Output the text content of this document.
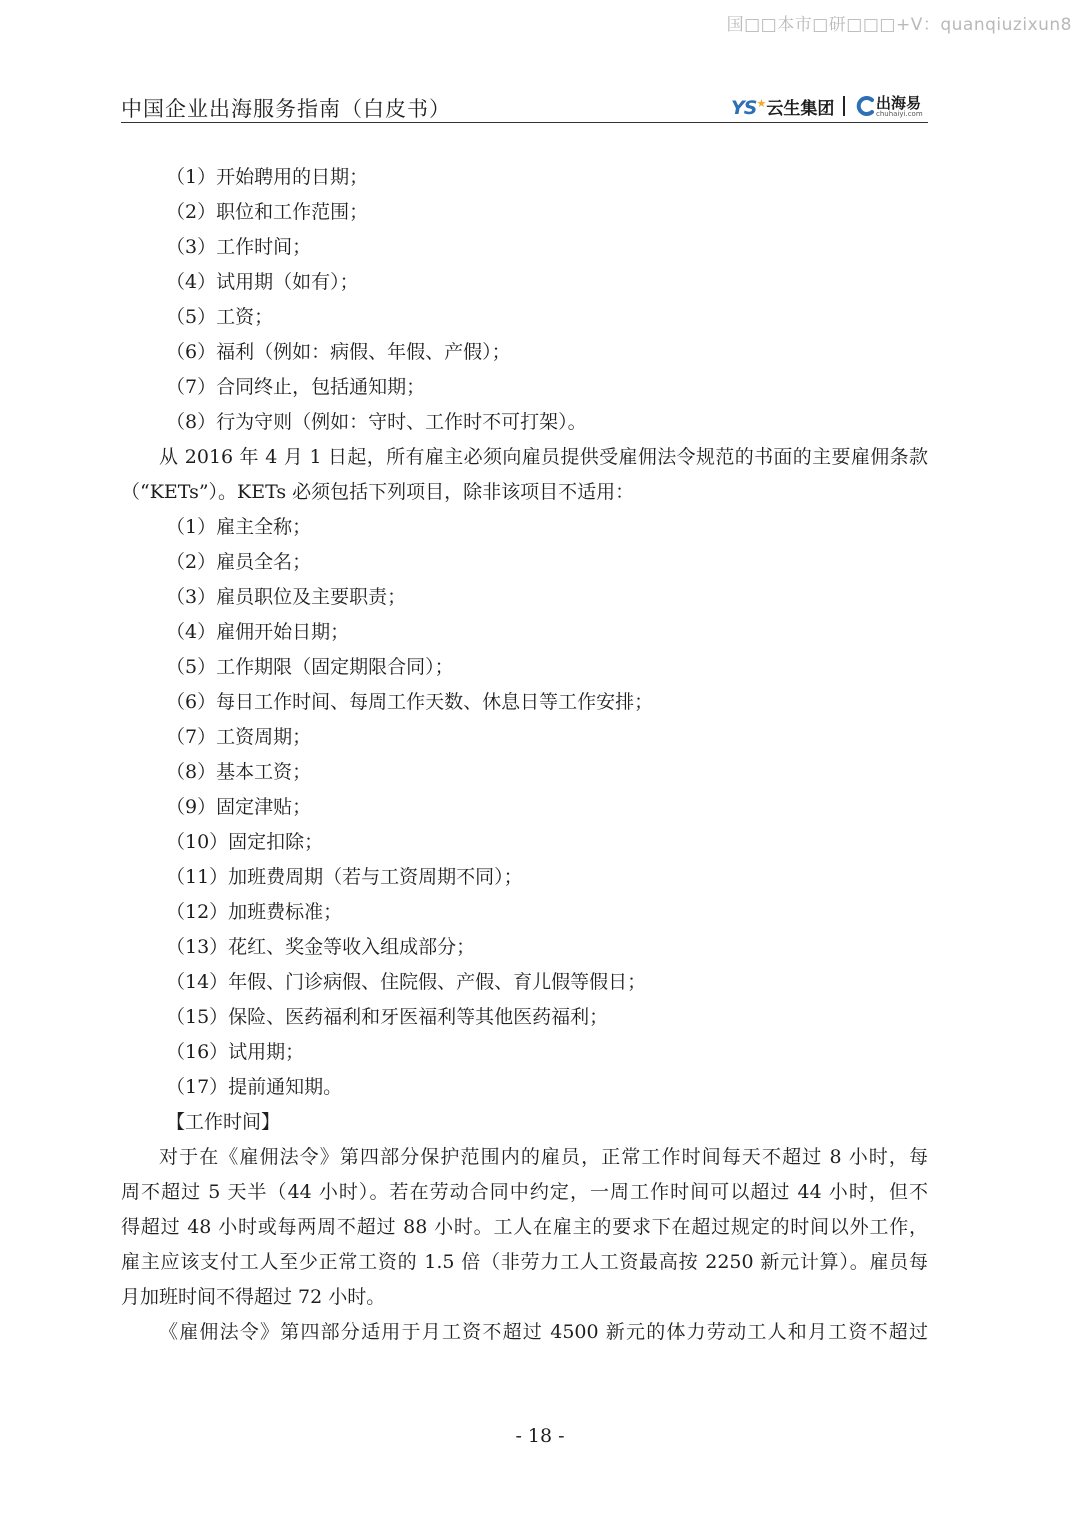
国□□本市□研□□□+V：quanqiuzixun8
中国企业出海服务指南（白皮书）	YS★云生集团	出海易
chuhaiyi.com
（1）开始聘用的日期；
（2）职位和工作范围；
（3）工作时间；
（4）试用期（如有）；
（5）工资；
（6）福利（例如：病假、年假、产假）；
（7）合同终止，包括通知期；
（8）行为守则（例如：守时、工作时不可打架）。
从 2016 年 4 月 1 日起，所有雇主必须向雇员提供受雇佣法令规范的书面的主要雇佣条款
（“KETs”）。KETs 必须包括下列项目，除非该项目不适用：
（1）雇主全称；
（2）雇员全名；
（3）雇员职位及主要职责；
（4）雇佣开始日期；
（5）工作期限（固定期限合同）；
（6）每日工作时间、每周工作天数、休息日等工作安排；
（7）工资周期；
（8）基本工资；
（9）固定津贴；
（10）固定扣除；
（11）加班费周期（若与工资周期不同）；
（12）加班费标准；
（13）花红、奖金等收入组成部分；
（14）年假、门诊病假、住院假、产假、育儿假等假日；
（15）保险、医药福利和牙医福利等其他医药福利；
（16）试用期；
（17）提前通知期。
【工作时间】
对于在《雇佣法令》第四部分保护范围内的雇员，正常工作时间每天不超过 8 小时，每
周不超过 5 天半（44 小时）。若在劳动合同中约定，一周工作时间可以超过 44 小时，但不
得超过 48 小时或每两周不超过 88 小时。工人在雇主的要求下在超过规定的时间以外工作，
雇主应该支付工人至少正常工资的 1.5 倍（非劳力工人工资最高按 2250 新元计算）。雇员每
月加班时间不得超过 72 小时。
《雇佣法令》第四部分适用于月工资不超过 4500 新元的体力劳动工人和月工资不超过
- 18 -
